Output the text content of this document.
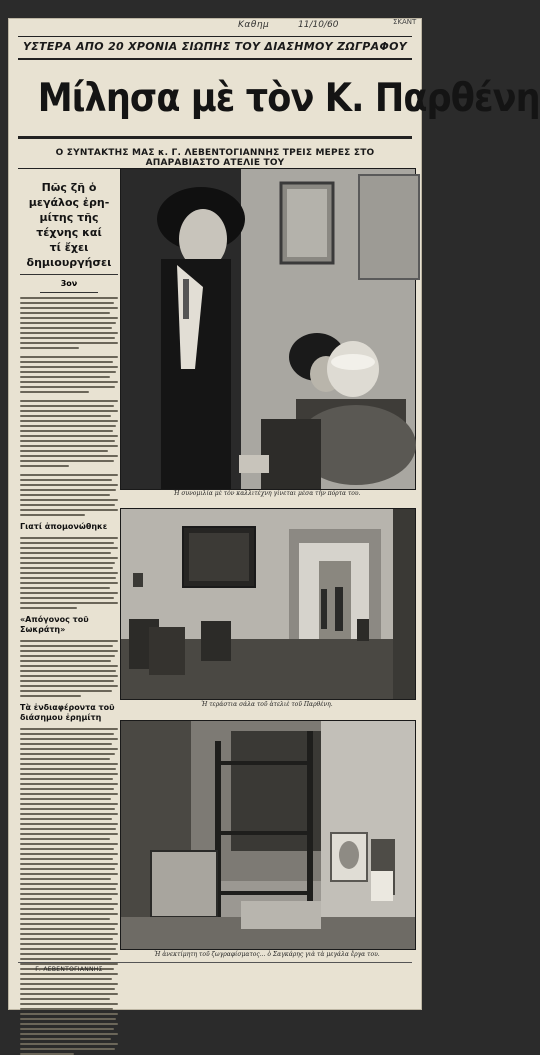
Καθημ	11/10/60	ΣΚΑΝΤ
ΥΣΤΕΡΑ ΑΠΟ 20 ΧΡΟΝΙΑ ΣΙΩΠΗΣ ΤΟΥ ΔΙΑΣΗΜΟΥ ΖΩΓΡΑΦΟΥ
Μίλησα μὲ τὸν Κ. Παρθένη
Ο ΣΥΝΤΑΚΤΗΣ ΜΑΣ κ. Γ. ΛΕΒΕΝΤΟΓΙΑΝΝΗΣ ΤΡΕΙΣ ΜΕΡΕΣ ΣΤΟ ΑΠΑΡΑΒΙΑΣΤΟ ΑΤΕΛΙΕ ΤΟΥ
Πῶς ζῆ ὁ μεγάλος ἐρη-
μίτης τῆς τέχνης καί
τί ἔχει δημιουργήσει
3ον
Γιατί ἀπομονώθηκε
«Απόγονος τοῦ Σωκράτη»
Τὰ ἐνδιαφέροντα τοῦ διάσημου ἐρημίτη
Γ. ΛΕΒΕΝΤΟΓΙΑΝΝΗΣ
Ἡ συνομιλία μὲ τὸν καλλιτέχνη γίνεται μέσα τὴν πόρτα του.
Ἡ τεράστια σάλα τοῦ ἀτελιὲ τοῦ Παρθένη.
Ἡ ἀνεκτίμητη τοῦ ζωγραφίσματος... ὁ Σαγκάρης γιὰ τὰ μεγάλα ἔργα του.
